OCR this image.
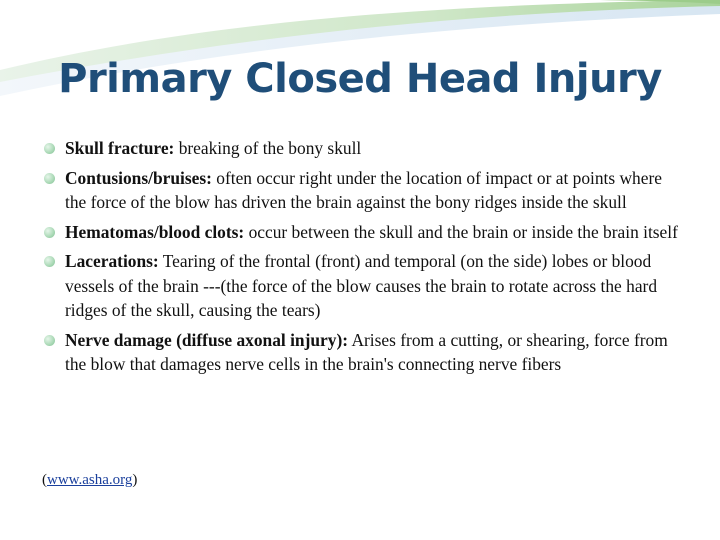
Primary Closed Head Injury
Skull fracture: breaking of the bony skull
Contusions/bruises: often occur right under the location of impact or at points where the force of the blow has driven the brain against the bony ridges inside the skull
Hematomas/blood clots: occur between the skull and the brain or inside the brain itself
Lacerations: Tearing of the frontal (front) and temporal (on the side) lobes or blood vessels of the brain ---(the force of the blow causes the brain to rotate across the hard ridges of the skull, causing the tears)
Nerve damage (diffuse axonal injury): Arises from a cutting, or shearing, force from the blow that damages nerve cells in the brain's connecting nerve fibers
(www.asha.org)
